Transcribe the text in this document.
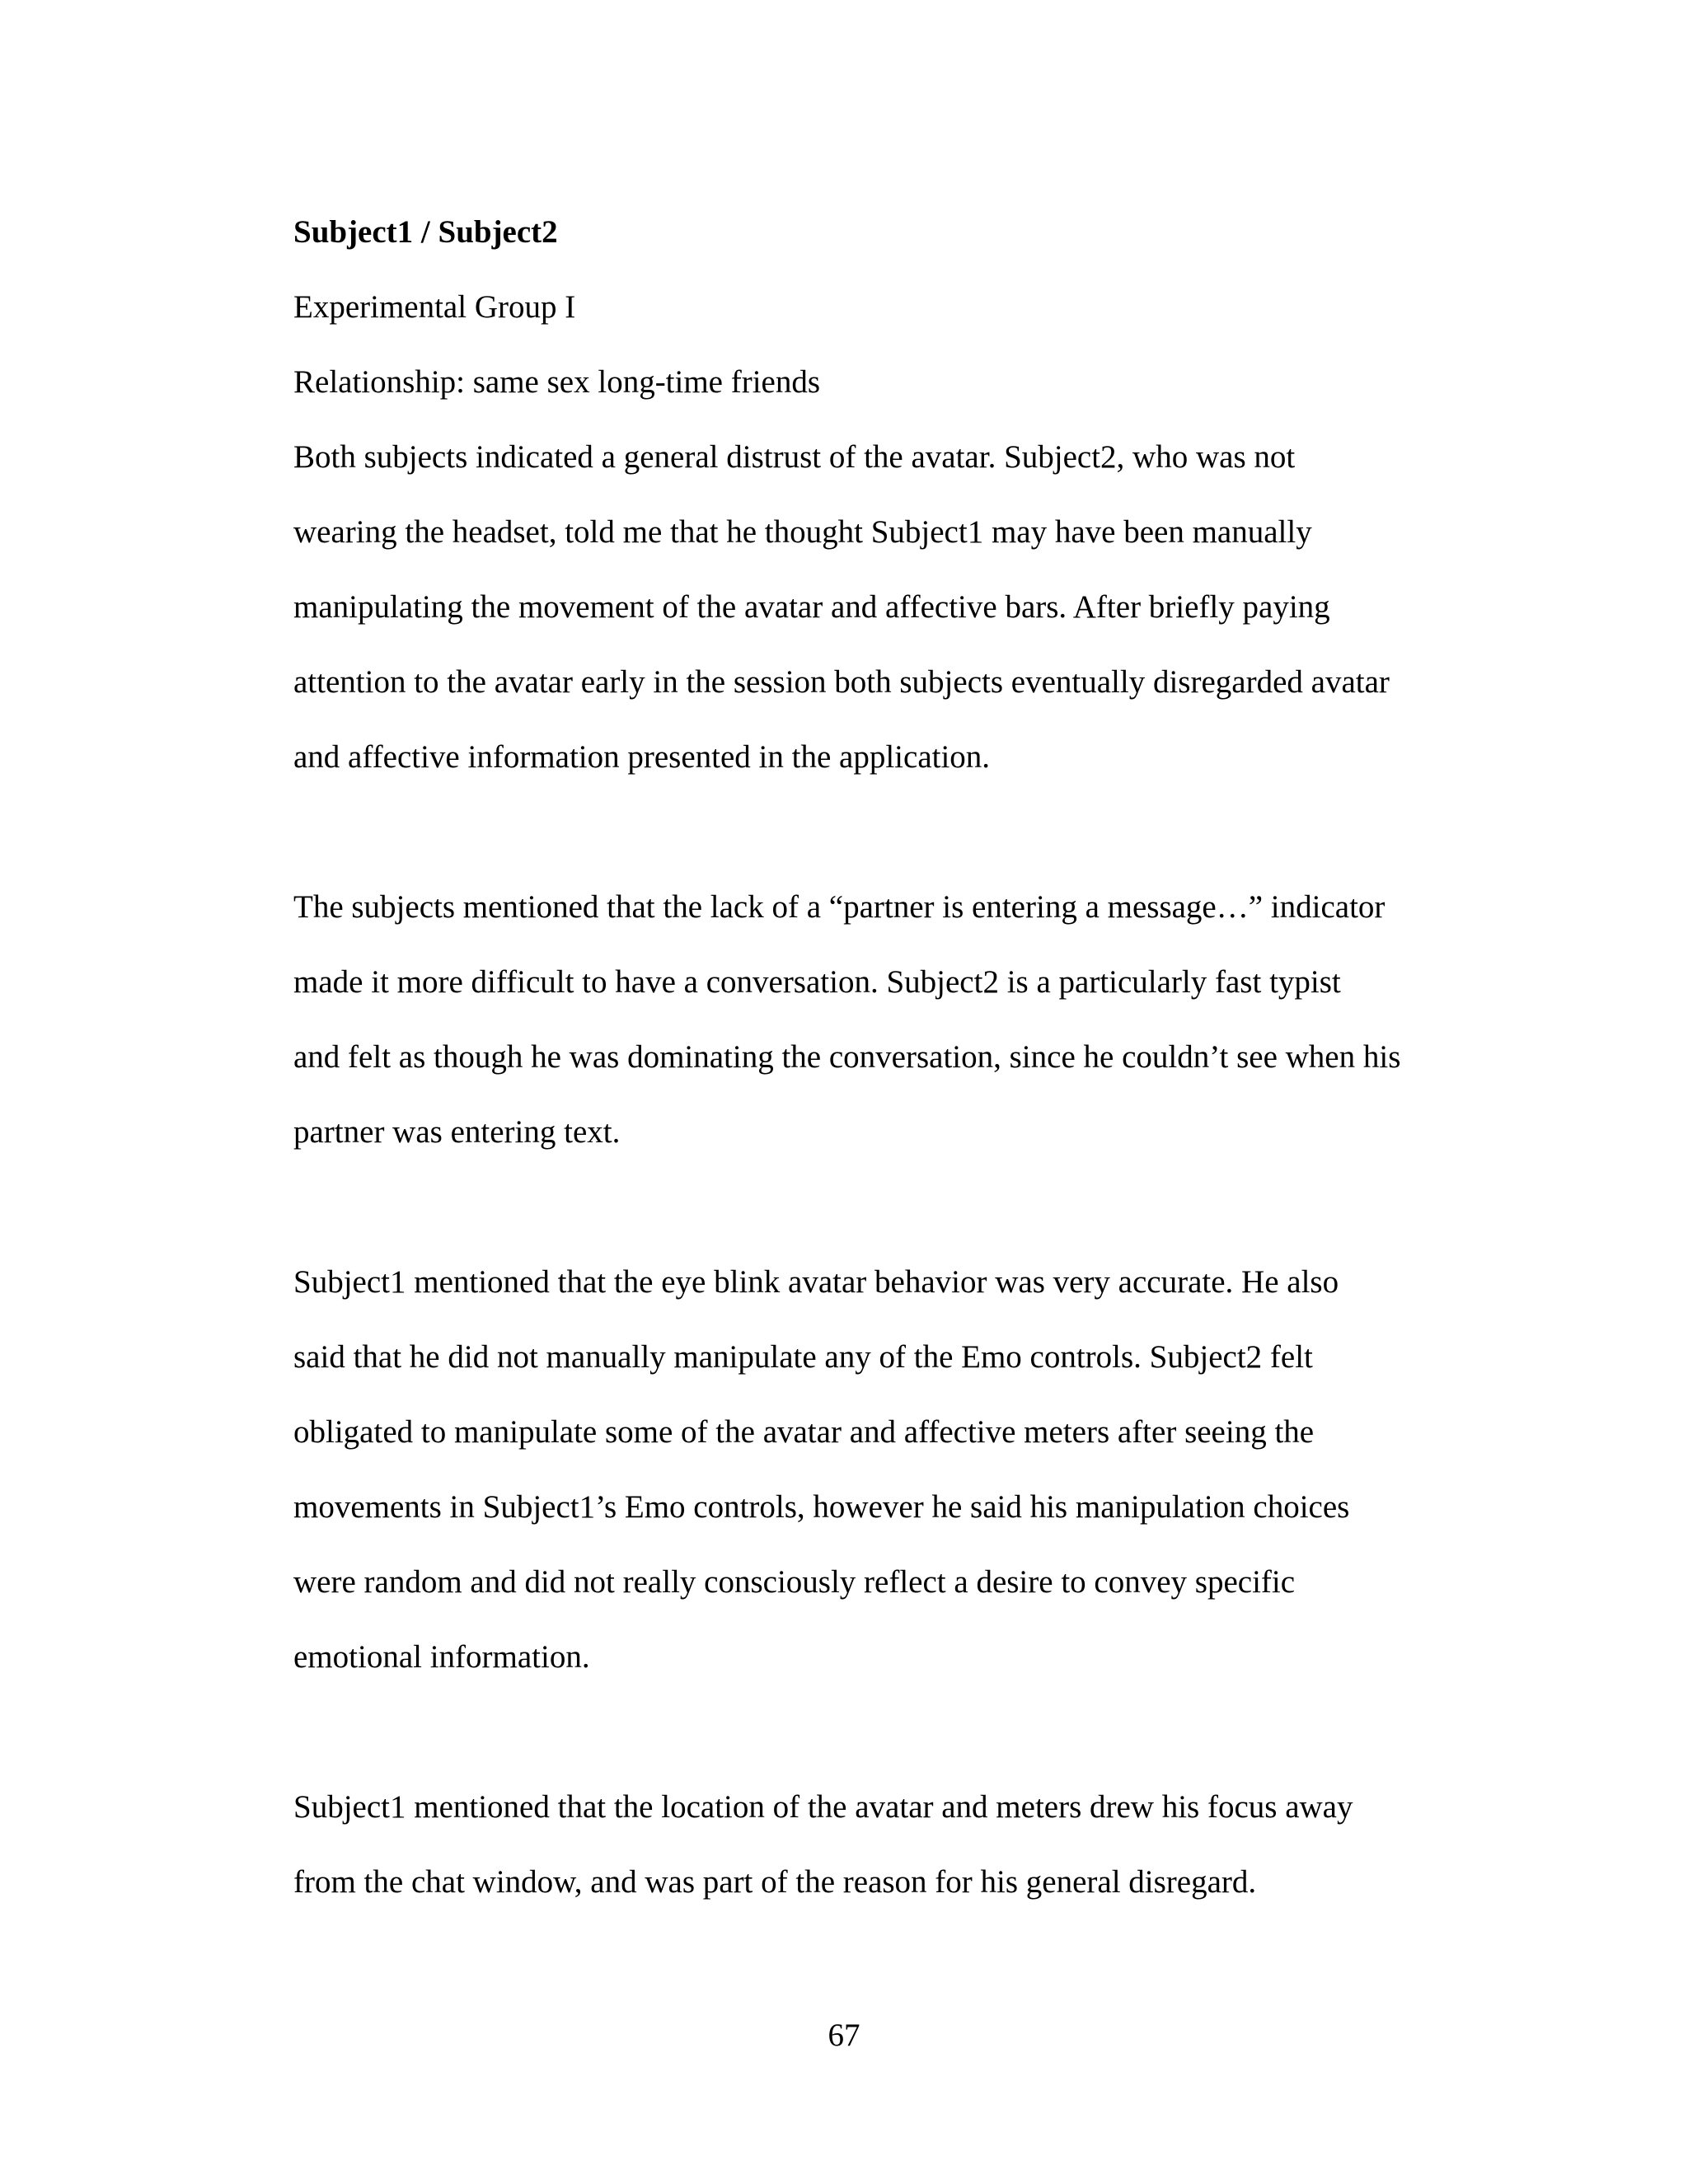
Subject1 / Subject2
Experimental Group I
Relationship: same sex long-time friends
Both subjects indicated a general distrust of the avatar. Subject2, who was not
wearing the headset, told me that he thought Subject1 may have been manually
manipulating the movement of the avatar and affective bars. After briefly paying
attention to the avatar early in the session both subjects eventually disregarded avatar
and affective information presented in the application.
The subjects mentioned that the lack of a “partner is entering a message…” indicator
made it more difficult to have a conversation. Subject2 is a particularly fast typist
and felt as though he was dominating the conversation, since he couldn’t see when his
partner was entering text.
Subject1 mentioned that the eye blink avatar behavior was very accurate. He also
said that he did not manually manipulate any of the Emo controls. Subject2 felt
obligated to manipulate some of the avatar and affective meters after seeing the
movements in Subject1’s Emo controls, however he said his manipulation choices
were random and did not really consciously reflect a desire to convey specific
emotional information.
Subject1 mentioned that the location of the avatar and meters drew his focus away
from the chat window, and was part of the reason for his general disregard.
67
